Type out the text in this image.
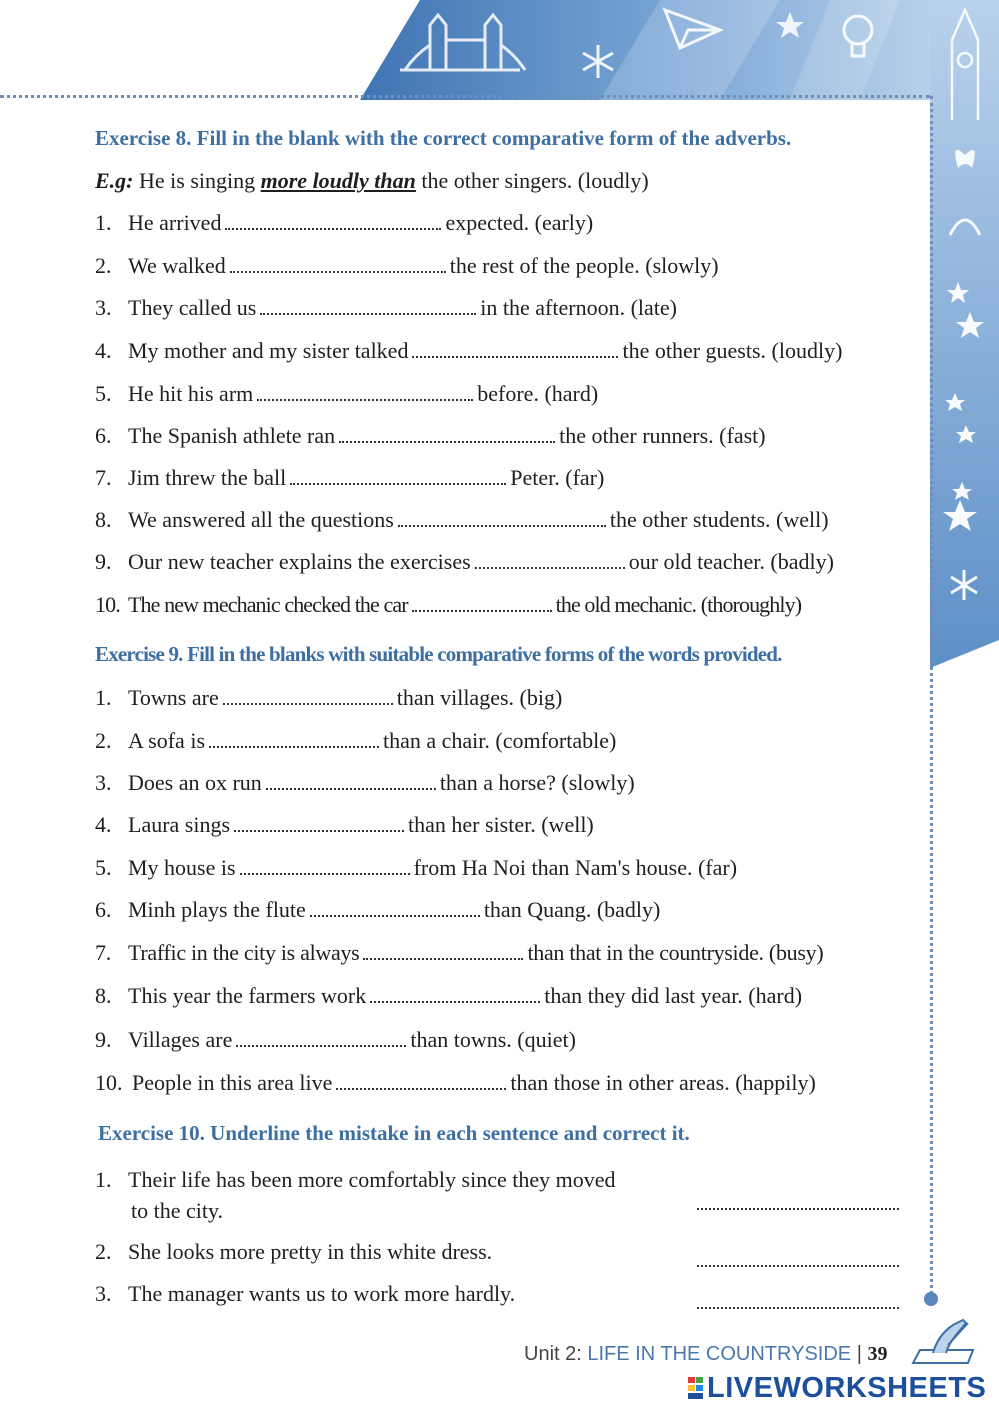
Exercise 8. Fill in the blank with the correct comparative form of the adverbs.
E.g: He is singing more loudly than the other singers. (loudly)
1. He arrived	expected. (early)
2. We walked	the rest of the people. (slowly)
3. They called us	in the afternoon. (late)
4. My mother and my sister talked	the other guests. (loudly)
5. He hit his arm	before. (hard)
6. The Spanish athlete ran	the other runners. (fast)
7. Jim threw the ball	Peter. (far)
8. We answered all the questions	the other students. (well)
9. Our new teacher explains the exercises	our old teacher. (badly)
10. The new mechanic checked the car	the old mechanic. (thoroughly)
Exercise 9. Fill in the blanks with suitable comparative forms of the words provided.
1. Towns are	than villages. (big)
2. A sofa is	than a chair. (comfortable)
3. Does an ox run	than a horse? (slowly)
4. Laura sings	than her sister. (well)
5. My house is	from Ha Noi than Nam's house. (far)
6. Minh plays the flute	than Quang. (badly)
7. Traffic in the city is always	than that in the countryside. (busy)
8. This year the farmers work	than they did last year. (hard)
9. Villages are	than towns. (quiet)
10. People in this area live	than those in other areas. (happily)
Exercise 10. Underline the mistake in each sentence and correct it.
1. Their life has been more comfortably since they moved
to the city.
2. She looks more pretty in this white dress.
3. The manager wants us to work more hardly.
Unit 2: LIFE IN THE COUNTRYSIDE | 39
LIVEWORKSHEETS
